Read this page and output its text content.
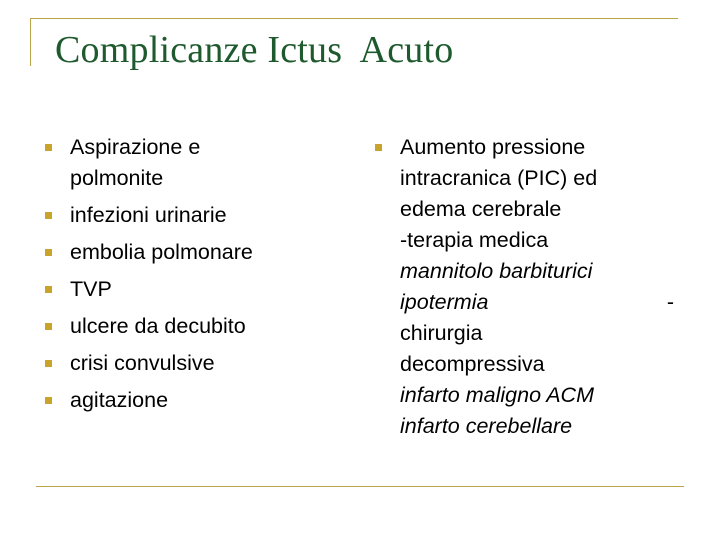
Complicanze Ictus  Acuto
Aspirazione e
polmonite
infezioni urinarie
embolia polmonare
TVP
ulcere da decubito
crisi convulsive
agitazione
Aumento pressione
intracranica (PIC) ed
edema cerebrale
-terapia medica
mannitolo barbiturici
ipotermia	-
chirurgia
decompressiva
infarto maligno ACM
infarto cerebellare
